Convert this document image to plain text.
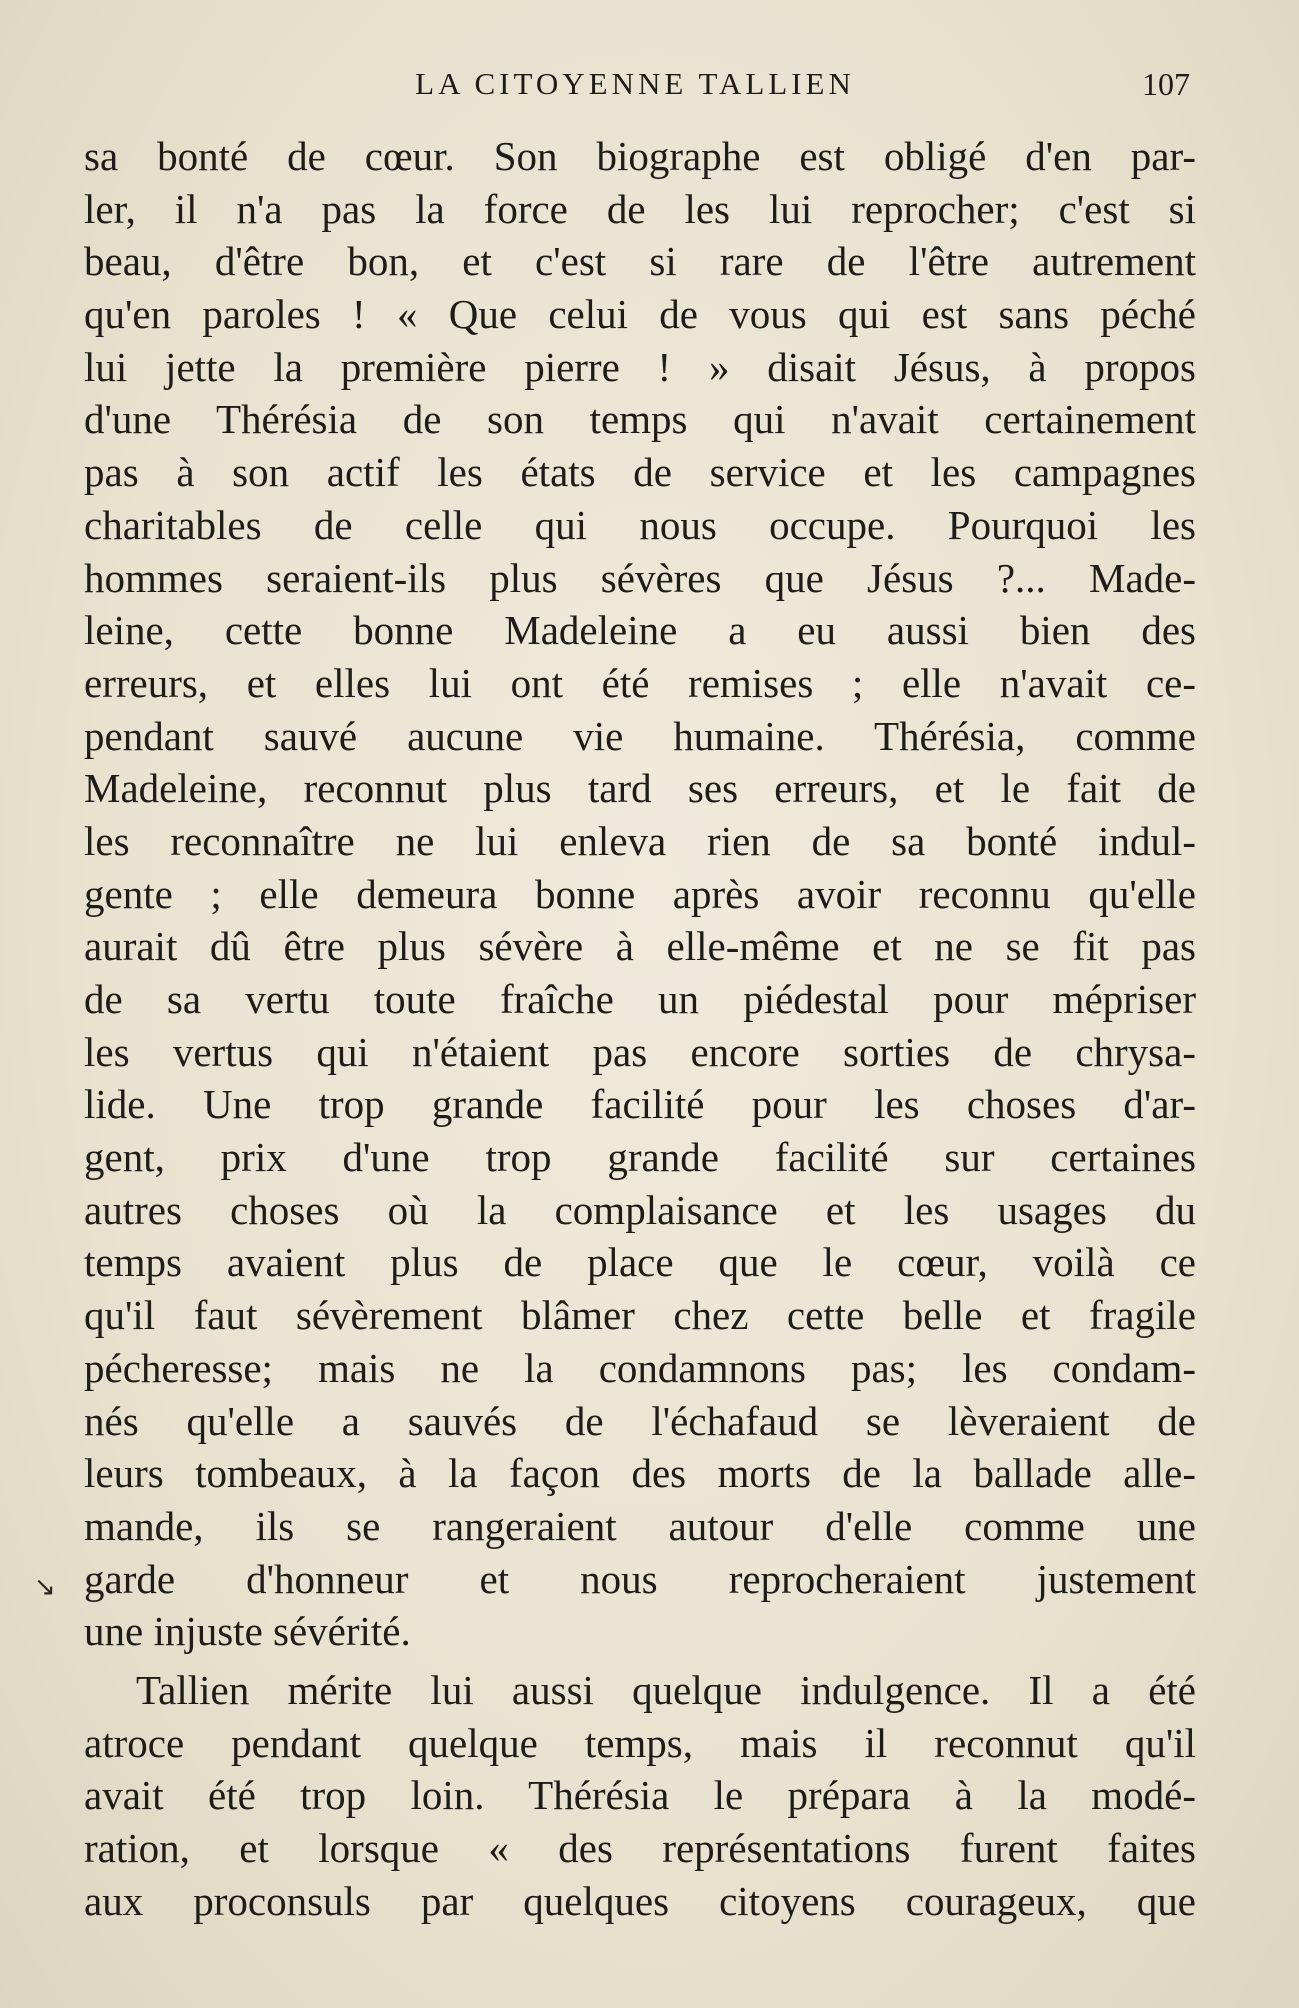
LA CITOYENNE TALLIEN	107
sa bonté de cœur. Son biographe est obligé d'en par-
ler, il n'a pas la force de les lui reprocher; c'est si
beau, d'être bon, et c'est si rare de l'être autrement
qu'en paroles ! « Que celui de vous qui est sans péché
lui jette la première pierre ! » disait Jésus, à propos
d'une Thérésia de son temps qui n'avait certainement
pas à son actif les états de service et les campagnes
charitables de celle qui nous occupe. Pourquoi les
hommes seraient-ils plus sévères que Jésus ?... Made-
leine, cette bonne Madeleine a eu aussi bien des
erreurs, et elles lui ont été remises ; elle n'avait ce-
pendant sauvé aucune vie humaine. Thérésia, comme
Madeleine, reconnut plus tard ses erreurs, et le fait de
les reconnaître ne lui enleva rien de sa bonté indul-
gente ; elle demeura bonne après avoir reconnu qu'elle
aurait dû être plus sévère à elle-même et ne se fit pas
de sa vertu toute fraîche un piédestal pour mépriser
les vertus qui n'étaient pas encore sorties de chrysa-
lide. Une trop grande facilité pour les choses d'ar-
gent, prix d'une trop grande facilité sur certaines
autres choses où la complaisance et les usages du
temps avaient plus de place que le cœur, voilà ce
qu'il faut sévèrement blâmer chez cette belle et fragile
pécheresse; mais ne la condamnons pas; les condam-
nés qu'elle a sauvés de l'échafaud se lèveraient de
leurs tombeaux, à la façon des morts de la ballade alle-
mande, ils se rangeraient autour d'elle comme une
garde d'honneur et nous reprocheraient justement
une injuste sévérité.
Tallien mérite lui aussi quelque indulgence. Il a été
atroce pendant quelque temps, mais il reconnut qu'il
avait été trop loin. Thérésia le prépara à la modé-
ration, et lorsque « des représentations furent faites
aux proconsuls par quelques citoyens courageux, que
↘
